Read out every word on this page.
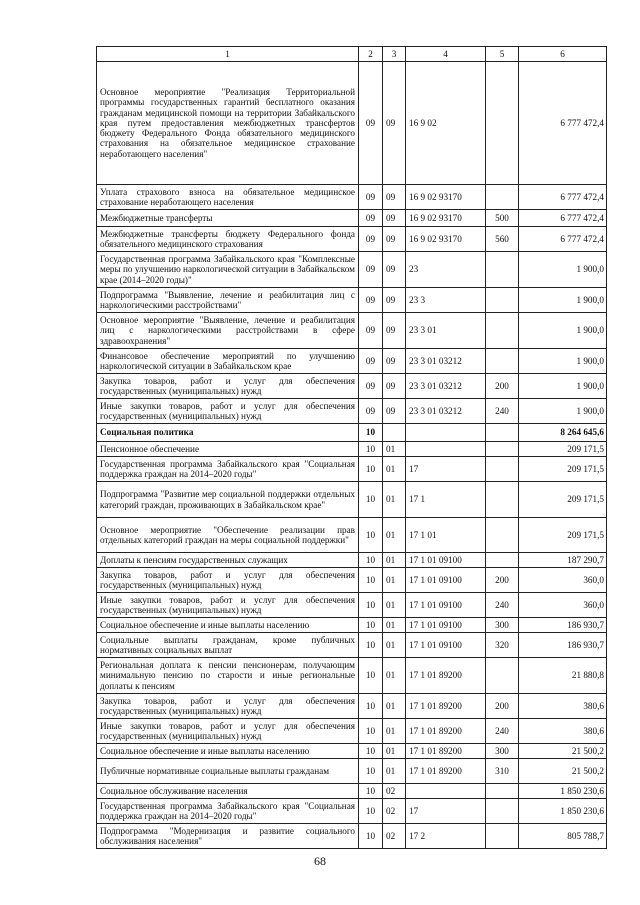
1	2	3	4	5	6
Основное мероприятие "Реализация Территориальной программы государственных гарантий бесплатного оказания гражданам медицинской помощи на территории Забайкальского края путем предоставления межбюджетных трансфертов бюджету Федерального Фонда обязательного медицинского страхования на обязательное медицинское страхование неработающего населения"	09	09	16 9 02		6 777 472,4
Уплата страхового взноса на обязательное медицинское страхование неработающего населения	09	09	16 9 02 93170		6 777 472,4
Межбюджетные трансферты	09	09	16 9 02 93170	500	6 777 472,4
Межбюджетные трансферты бюджету Федерального фонда обязательного медицинского страхования	09	09	16 9 02 93170	560	6 777 472,4
Государственная программа Забайкальского края "Комплексные меры по улучшению наркологической ситуации в Забайкальском крае (2014–2020 годы)"	09	09	23		1 900,0
Подпрограмма "Выявление, лечение и реабилитация лиц с наркологическими расстройствами"	09	09	23 3		1 900,0
Основное мероприятие "Выявление, лечение и реабилитация лиц с наркологическими расстройствами в сфере здравоохранения"	09	09	23 3 01		1 900,0
Финансовое обеспечение мероприятий по улучшению наркологической ситуации в Забайкальском крае	09	09	23 3 01 03212		1 900,0
Закупка товаров, работ и услуг для обеспечения государственных (муниципальных) нужд	09	09	23 3 01 03212	200	1 900,0
Иные закупки товаров, работ и услуг для обеспечения государственных (муниципальных) нужд	09	09	23 3 01 03212	240	1 900,0
Социальная политика	10				8 264 645,6
Пенсионное обеспечение	10	01			209 171,5
Государственная программа Забайкальского края "Социальная поддержка граждан на 2014–2020 годы"	10	01	17		209 171,5
Подпрограмма "Развитие мер социальной поддержки отдельных категорий граждан, проживающих в Забайкальском крае"	10	01	17 1		209 171,5
Основное мероприятие "Обеспечение реализации прав отдельных категорий граждан на меры социальной поддержки"	10	01	17 1 01		209 171,5
Доплаты к пенсиям государственных служащих	10	01	17 1 01 09100		187 290,7
Закупка товаров, работ и услуг для обеспечения государственных (муниципальных) нужд	10	01	17 1 01 09100	200	360,0
Иные закупки товаров, работ и услуг для обеспечения государственных (муниципальных) нужд	10	01	17 1 01 09100	240	360,0
Социальное обеспечение и иные выплаты населению	10	01	17 1 01 09100	300	186 930,7
Социальные выплаты гражданам, кроме публичных нормативных социальных выплат	10	01	17 1 01 09100	320	186 930,7
Региональная доплата к пенсии пенсионерам, получающим минимальную пенсию по старости и иные региональные доплаты к пенсиям	10	01	17 1 01 89200		21 880,8
Закупка товаров, работ и услуг для обеспечения государственных (муниципальных) нужд	10	01	17 1 01 89200	200	380,6
Иные закупки товаров, работ и услуг для обеспечения государственных (муниципальных) нужд	10	01	17 1 01 89200	240	380,6
Социальное обеспечение и иные выплаты населению	10	01	17 1 01 89200	300	21 500,2
Публичные нормативные социальные выплаты гражданам	10	01	17 1 01 89200	310	21 500,2
Социальное обслуживание населения	10	02			1 850 230,6
Государственная программа Забайкальского края "Социальная поддержка граждан на 2014–2020 годы"	10	02	17		1 850 230,6
Подпрограмма "Модернизация и развитие социального обслуживания населения"	10	02	17 2		805 788,7
68
